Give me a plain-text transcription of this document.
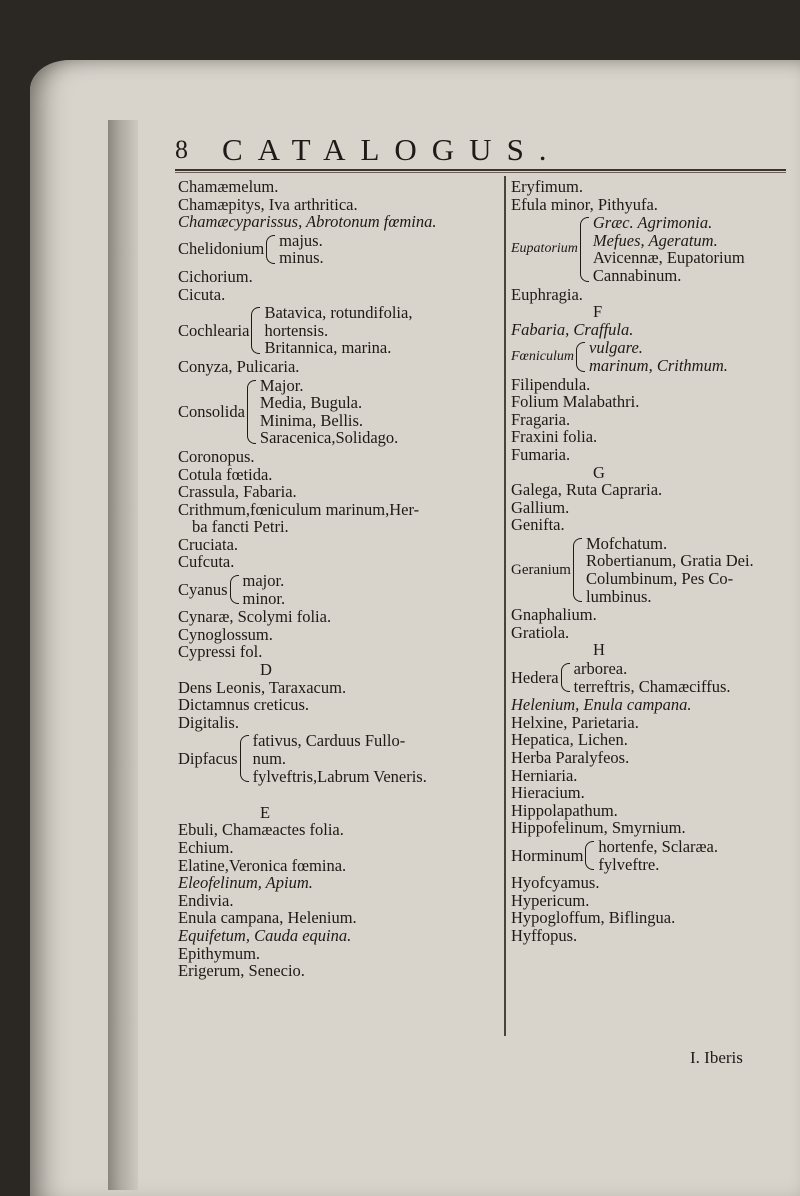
8 CATALOGUS.
Chamæmelum.
Chamæpitys, Iva arthritica.
Chamæcyparissus, Abrotonum fœmina.
Chelidonium majus.
minus.
Cichorium.
Cicuta.
Cochlearia
Batavica, rotundifolia,
hortensis.
Britannica, marina.
Conyza, Pulicaria.
Consolida
Major.
Media, Bugula.
Minima, Bellis.
Saracenica,Solidago.
Coronopus.
Cotula fœtida.
Crassula, Fabaria.
Crithmum,fœniculum marinum,Her-
ba fancti Petri.
Cruciata.
Cufcuta.
Cyanus major.
minor.
Cynaræ, Scolymi folia.
Cynoglossum.
Cypressi fol.
D
Dens Leonis, Taraxacum.
Dictamnus creticus.
Digitalis.
Dipfacus
fativus, Carduus Fullo-
num.
fylveftris,Labrum Veneris.
E
Ebuli, Chamæactes folia.
Echium.
Elatine,Veronica fœmina.
Eleofelinum, Apium.
Endivia.
Enula campana, Helenium.
Equifetum, Cauda equina.
Epithymum.
Erigerum, Senecio.
Eryfimum.
Efula minor, Pithyufa.
Eupatorium
Græc. Agrimonia.
Mefues, Ageratum.
Avicennæ, Eupatorium
Cannabinum.
Euphragia.
F
Fabaria, Craffula.
Fœniculum vulgare.
marinum, Crithmum.
Filipendula.
Folium Malabathri.
Fragaria.
Fraxini folia.
Fumaria.
G
Galega, Ruta Capraria.
Gallium.
Genifta.
Geranium
Mofchatum.
Robertianum, Gratia Dei.
Columbinum, Pes Co-
lumbinus.
Gnaphalium.
Gratiola.
H
Hedera arborea.
terreftris, Chamæciffus.
Helenium, Enula campana.
Helxine, Parietaria.
Hepatica, Lichen.
Herba Paralyfeos.
Herniaria.
Hieracium.
Hippolapathum.
Hippofelinum, Smyrnium.
Horminum hortenfe, Sclaræa.
fylveftre.
Hyofcyamus.
Hypericum.
Hypogloffum, Biflingua.
Hyffopus.
I. Iberis
